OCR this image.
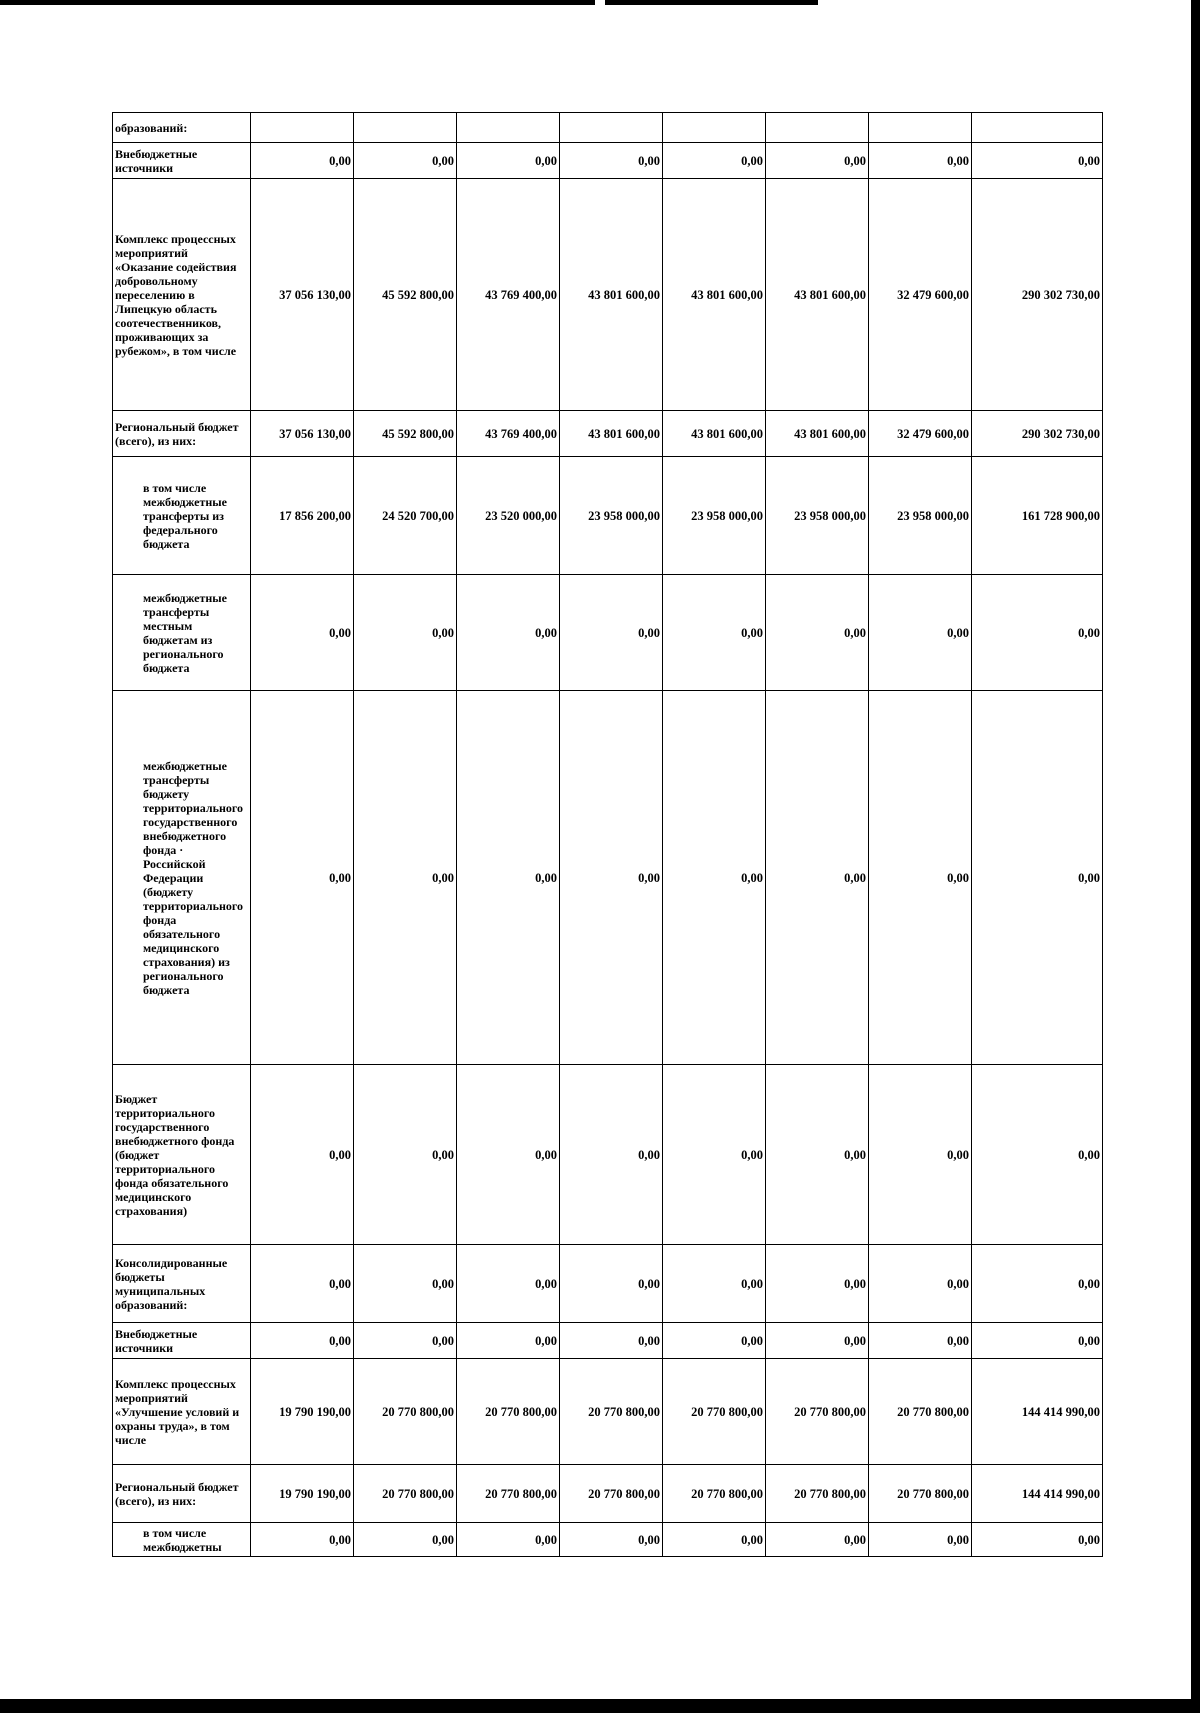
образований:								
Внебюджетные источники	0,00	0,00	0,00	0,00	0,00	0,00	0,00	0,00
Комплекс процессных мероприятий «Оказание содействия добровольному переселению в Липецкую область соотечественников, проживающих за рубежом», в том числе	37 056 130,00	45 592 800,00	43 769 400,00	43 801 600,00	43 801 600,00	43 801 600,00	32 479 600,00	290 302 730,00
Региональный бюджет (всего), из них:	37 056 130,00	45 592 800,00	43 769 400,00	43 801 600,00	43 801 600,00	43 801 600,00	32 479 600,00	290 302 730,00
в том числе межбюджетные трансферты из федерального бюджета	17 856 200,00	24 520 700,00	23 520 000,00	23 958 000,00	23 958 000,00	23 958 000,00	23 958 000,00	161 728 900,00
межбюджетные трансферты местным бюджетам из регионального бюджета	0,00	0,00	0,00	0,00	0,00	0,00	0,00	0,00
межбюджетные трансферты бюджету территориального государственного внебюджетного фонда · Российской Федерации (бюджету территориального фонда обязательного медицинского страхования) из регионального бюджета	0,00	0,00	0,00	0,00	0,00	0,00	0,00	0,00
Бюджет территориального государственного внебюджетного фонда (бюджет территориального фонда обязательного медицинского страхования)	0,00	0,00	0,00	0,00	0,00	0,00	0,00	0,00
Консолидированные бюджеты муниципальных образований:	0,00	0,00	0,00	0,00	0,00	0,00	0,00	0,00
Внебюджетные источники	0,00	0,00	0,00	0,00	0,00	0,00	0,00	0,00
Комплекс процессных мероприятий «Улучшение условий и охраны труда», в том числе	19 790 190,00	20 770 800,00	20 770 800,00	20 770 800,00	20 770 800,00	20 770 800,00	20 770 800,00	144 414 990,00
Региональный бюджет (всего), из них:	19 790 190,00	20 770 800,00	20 770 800,00	20 770 800,00	20 770 800,00	20 770 800,00	20 770 800,00	144 414 990,00
в том числе межбюджетны	0,00	0,00	0,00	0,00	0,00	0,00	0,00	0,00
